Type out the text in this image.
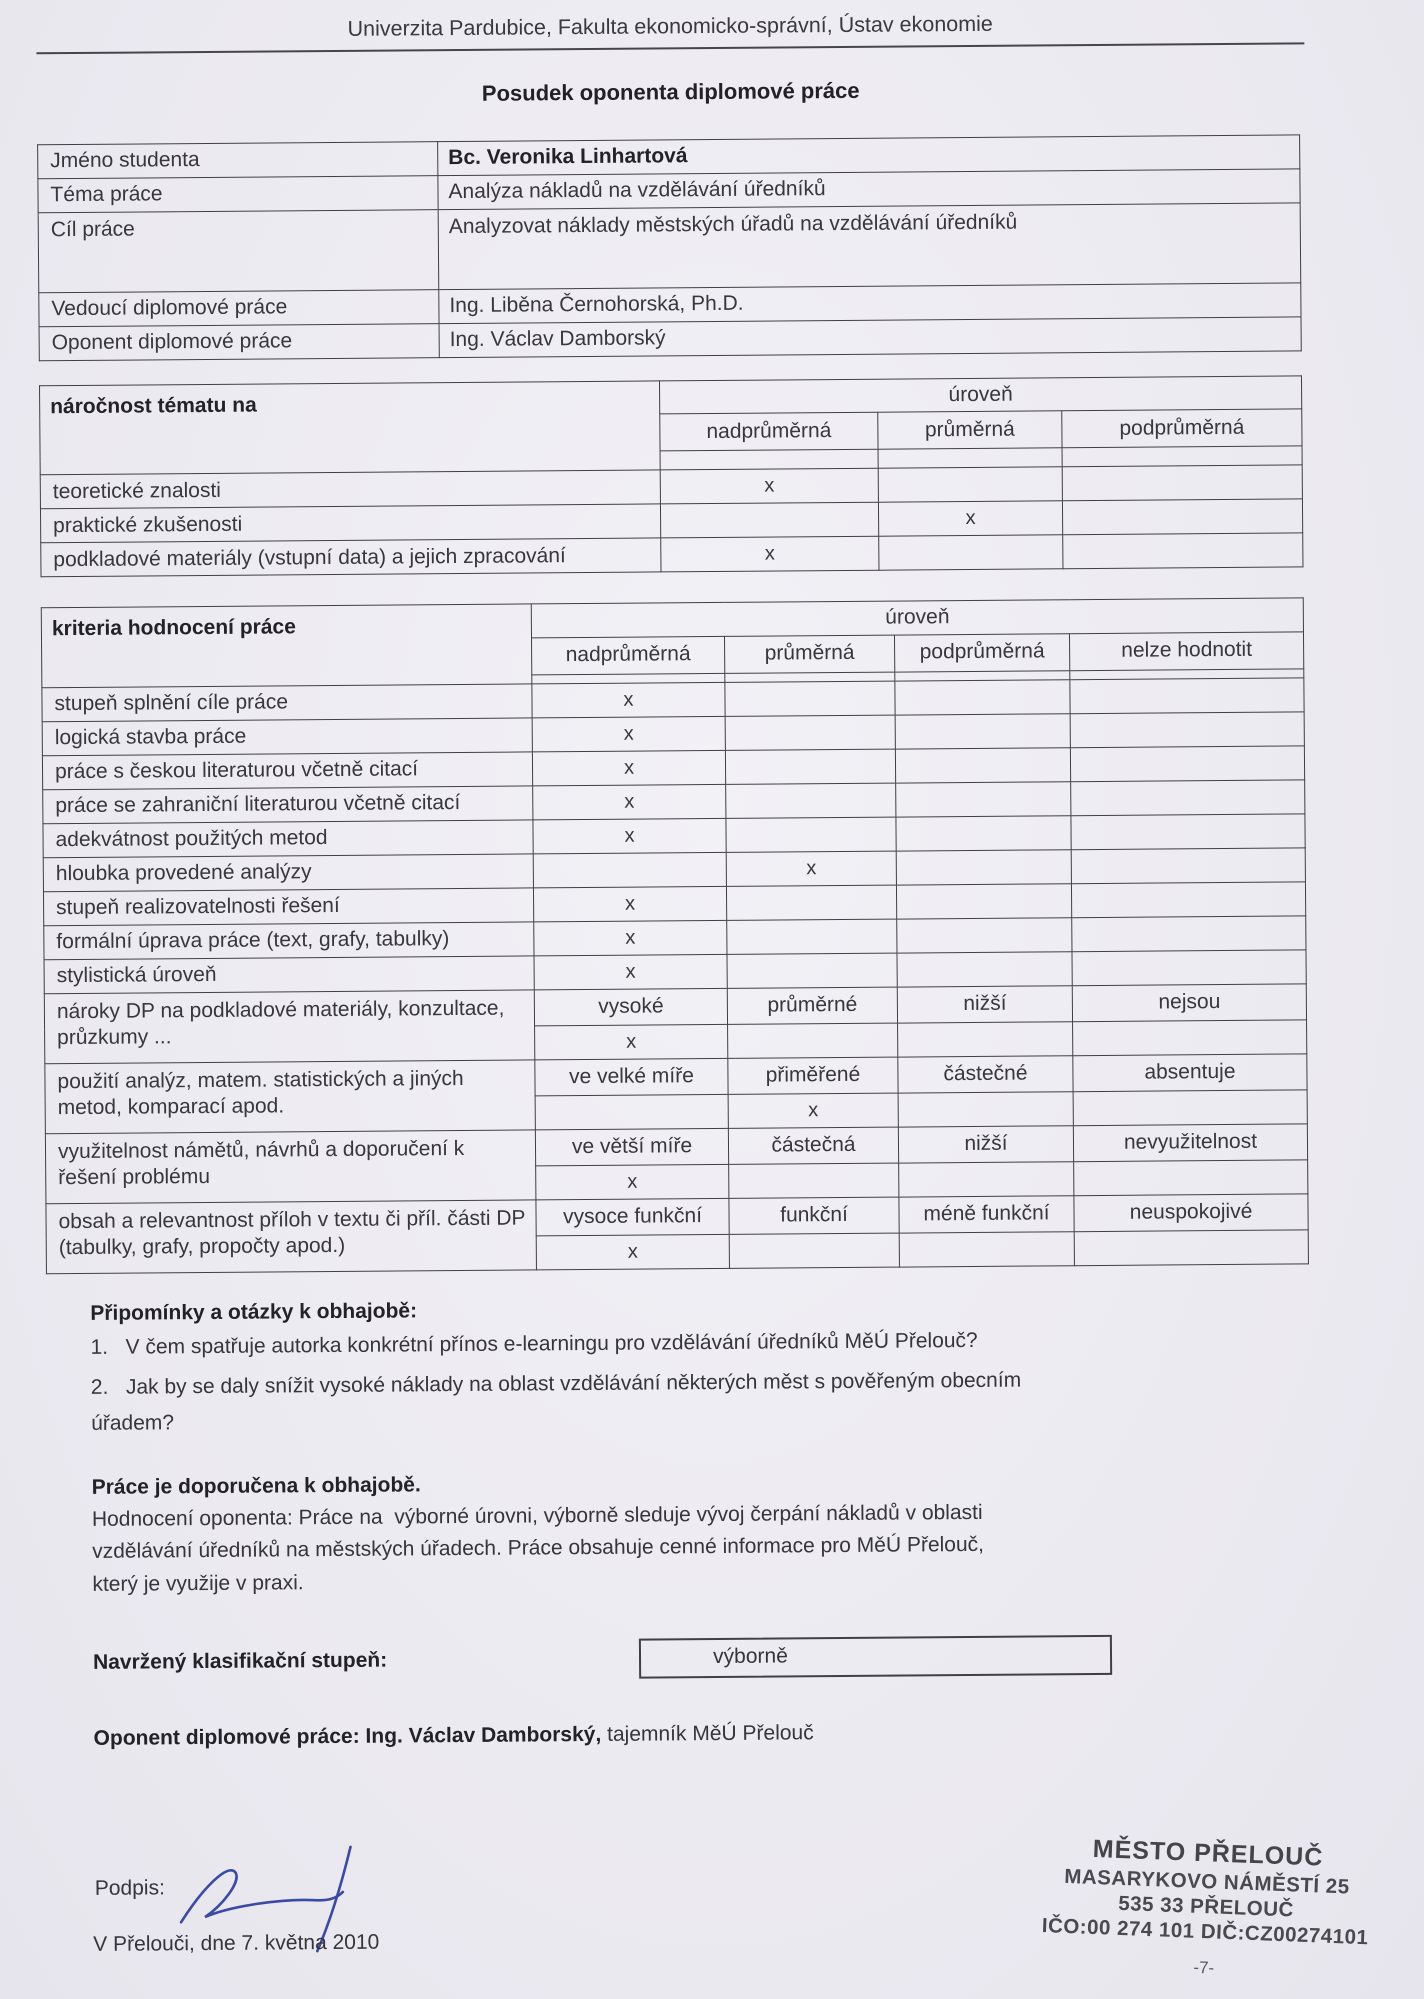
Univerzita Pardubice, Fakulta ekonomicko-správní, Ústav ekonomie
Posudek oponenta diplomové práce
Jméno studenta	Bc. Veronika Linhartová
Téma práce	Analýza nákladů na vzdělávání úředníků
Cíl práce	Analyzovat náklady městských úřadů na vzdělávání úředníků
Vedoucí diplomové práce	Ing. Liběna Černohorská, Ph.D.
Oponent diplomové práce	Ing. Václav Damborský
náročnost tématu na	úroveň		
	nadprůměrná	průměrná	podprůměrná

teoretické znalosti	x		
praktické zkušenosti		x	
podkladové materiály (vstupní data) a jejich zpracování	x		
kriteria hodnocení práce	úroveň			
	nadprůměrná	průměrná	podprůměrná	nelze hodnotit

stupeň splnění cíle práce	x			
logická stavba práce	x			
práce s českou literaturou včetně citací	x			
práce se zahraniční literaturou včetně citací	x			
adekvátnost použitých metod	x			
hloubka provedené analýzy		x		
stupeň realizovatelnosti řešení	x			
formální úprava práce (text, grafy, tabulky)	x			
stylistická úroveň	x			
nároky DP na podkladové materiály, konzultace, průzkumy ...	vysoké	průměrné	nižší	nejsou
	x			
použití analýz, matem. statistických a jiných metod, komparací apod.	ve velké míře	přiměřené	částečné	absentuje
		x		
využitelnost námětů, návrhů a doporučení k řešení problému	ve větší míře	částečná	nižší	nevyužitelnost
	x			
obsah a relevantnost příloh v textu či příl. části DP (tabulky, grafy, propočty apod.)	vysoce funkční	funkční	méně funkční	neuspokojivé
	x			
Připomínky a otázky k obhajobě:

1.   V čem spatřuje autorka konkrétní přínos e-learningu pro vzdělávání úředníků MěÚ Přelouč?

2.   Jak by se daly snížit vysoké náklady na oblast vzdělávání některých měst s pověřeným obecním
úřadem?

Práce je doporučena k obhajobě.

Hodnocení oponenta: Práce na  výborné úrovni, výborně sleduje vývoj čerpání nákladů v oblasti
vzdělávání úředníků na městských úřadech. Práce obsahuje cenné informace pro MěÚ Přelouč,
který je využije v praxi.

Navržený klasifikační stupeň:	výborně
Oponent diplomové práce: Ing. Václav Damborský, tajemník MěÚ Přelouč
Podpis:
V Přelouči, dne 7. května 2010
MĚSTO PŘELOUČ
MASARYKOVO NÁMĚSTÍ 25
535 33 PŘELOUČ
IČO:00 274 101 DIČ:CZ00274101
-7-
